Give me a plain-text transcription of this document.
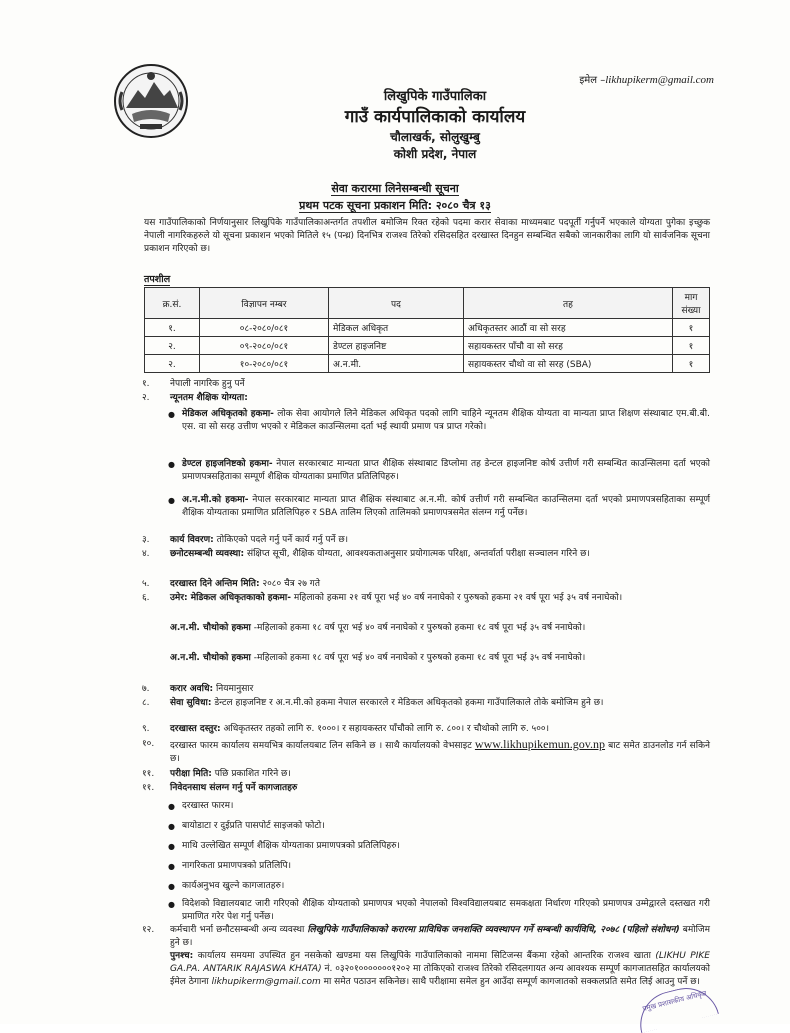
इमेल –likhupikerm@gmail.com
लिखुपिके गाउँपालिका
गाउँ कार्यपालिकाको कार्यालय
चौलाखर्क, सोलुखुम्बु
कोशी प्रदेश, नेपाल
सेवा करारमा लिनेसम्बन्धी सूचना
प्रथम पटक सूचना प्रकाशन मिति: २०८० चैत्र १३
यस गाउँपालिकाको निर्णयानुसार लिखुपिके गाउँपालिकाअन्तर्गत तपशील बमोजिम रिक्त रहेको पदमा करार सेवाका माध्यमबाट पदपूर्ती गर्नुपर्ने भएकाले योग्यता पुगेका इच्छुक नेपाली नागरिकहरुले यो सूचना प्रकाशन भएको मितिले १५ (पन्ध्र) दिनभित्र राजश्व तिरेको रसिदसहित दरखास्त दिनहुन सम्बन्धित सबैको जानकारीका लागि यो सार्वजनिक सूचना प्रकाशन गरिएको छ।
तपशील
क्र.सं.	विज्ञापन नम्बर	पद	तह	माग संख्या
१.	०८-२०८०/०८१	मेडिकल अधिकृत	अधिकृतस्तर आठौं वा सो सरह	१
२.	०९-२०८०/०८१	डेण्टल हाइजनिष्ट	सहायकस्तर पाँचौ वा सो सरह	१
२.	१०-२०८०/०८१	अ.न.मी.	सहायकस्तर चौथो वा सो सरह (SBA)	१
१.	नेपाली नागरिक हुनु पर्ने
२.	न्यूनतम शैक्षिक योग्यता:
● मेडिकल अधिकृतको हकमा- लोक सेवा आयोगले लिने मेडिकल अधिकृत पदको लागि चाहिने न्यूनतम शैक्षिक योग्यता वा मान्यता प्राप्त शिक्षण संस्थाबाट एम.बी.बी. एस. वा सो सरह उत्तीण भएको र मेडिकल काउन्सिलमा दर्ता भई स्थायी प्रमाण पत्र प्राप्त गरेको।
● डेण्टल हाइजनिष्टको हकमा- नेपाल सरकारबाट मान्यता प्राप्त शैक्षिक संस्थाबाट डिप्लोमा तह डेन्टल हाइजनिष्ट कोर्ष उत्तीर्ण गरी सम्बन्धित काउन्सिलमा दर्ता भएको प्रमाणपत्रसहिताका सम्पूर्ण शैक्षिक योग्यताका प्रमाणित प्रतिलिपिहरु।
● अ.न.मी.को हकमा- नेपाल सरकारबाट मान्यता प्राप्त शैक्षिक संस्थाबाट अ.न.मी. कोर्ष उत्तीर्ण गरी सम्बन्धित काउन्सिलमा दर्ता भएको प्रमाणपत्रसहिताका सम्पूर्ण शैक्षिक योग्यताका प्रमाणित प्रतिलिपिहरु र SBA तालिम लिएको तालिमको प्रमाणपत्रसमेत संलग्न गर्नु पर्नेछ।
३.	कार्य विवरण: तोकिएको पदले गर्नु पर्ने कार्य गर्नु पर्ने छ।
४.	छनोटसम्बन्धी व्यवस्था: संक्षिप्त सूची, शैक्षिक योग्यता, आवश्यकताअनुसार प्रयोगात्मक परिक्षा, अन्तर्वार्ता परीक्षा सञ्चालन गरिने छ।
५.	दरखास्त दिने अन्तिम मिति: २०८० चैत्र २७ गते
६.	उमेर: मेडिकल अधिकृतकाको हकमा- महिलाको हकमा २१ वर्ष पूरा भई ४० वर्ष ननाघेको र पुरुषको हकमा २१ वर्ष पूरा भई ३५ वर्ष ननाघेको।
अ.न.मी. चौथोको हकमा -महिलाको हकमा १८ वर्ष पूरा भई ४० वर्ष ननाघेको र पुरुषको हकमा १८ वर्ष पूरा भई ३५ वर्ष ननाघेको।
अ.न.मी. चौथोको हकमा -महिलाको हकमा १८ वर्ष पूरा भई ४० वर्ष ननाघेको र पुरुषको हकमा १८ वर्ष पूरा भई ३५ वर्ष ननाघेको।
७.	करार अवधि: नियमानुसार
८.	सेवा सुविधा: डेन्टल हाइजनिष्ट र अ.न.मी.को हकमा नेपाल सरकारले र मेडिकल अधिकृतको हकमा गाउँपालिकाले तोके बमोजिम हुने छ।
९.	दरखास्त दस्तुर: अधिकृतस्तर तहको लागि रु. १०००। र सहायकस्तर पाँचौको लागि रु. ८००। र चौथोको लागि रु. ५००।
१०.	दरखास्त फारम कार्यालय समयभित्र कार्यालयबाट लिन सकिने छ । साथै कार्यालयको वेभसाइट www.likhupikemun.gov.np बाट समेत डाउनलोड गर्न सकिने छ।
११.	परीक्षा मिति: पछि प्रकाशित गरिने छ।
११.	निवेदनसाथ संलग्न गर्नु पर्ने कागजातहरु
● दरखास्त फारम।
● बायोडाटा र दुईप्रति पासपोर्ट साइजको फोटो।
● माथि उल्लेखित सम्पूर्ण शैक्षिक योग्यताका प्रमाणपत्रको प्रतिलिपिहरु।
● नागरिकता प्रमाणपत्रको प्रतिलिपि।
● कार्यअनुभव खुल्ने कागजातहरु।
● विदेशको विद्यालयबाट जारी गरिएको शैक्षिक योग्यताको प्रमाणपत्र भएको नेपालको विश्वविद्यालयबाट समकक्षता निर्धारण गरिएको प्रमाणपत्र उम्मेद्वारले दस्तखत गरी प्रमाणित गरेर पेश गर्नु पर्नेछ।
१२.	कर्मचारी भर्ना छनौटसम्बन्धी अन्य व्यवस्था लिखुपिके गाउँपालिकाको करारमा प्राविधिक जनशक्ति व्यवस्थापन गर्ने सम्बन्धी कार्यविधि, २०७८ (पहिलो संशोधन) बमोजिम हुने छ।
पुनश्च: कार्यालय समयमा उपस्थित हुन नसकेको खण्डमा यस लिखुपिके गाउँपालिकाको नाममा सिटिजन्स बैंकमा रहेको आन्तरिक राजश्व खाता (LIKHU PIKE GA.PA. ANTARIK RAJASWA KHATA) नं. ०३२०१०००००००१२०२ मा तोकिएको राजश्व तिरेको रसिदलगायत अन्य आवश्यक सम्पूर्ण कागजातसहित कार्यालयको ईमेल ठेगाना likhupikerm@gmail.com मा समेत पठाउन सकिनेछ। साथै परीक्षामा समेल हुन आउँदा सम्पूर्ण कागजातको सक्कलप्रति समेत लिई आउनु पर्ने छ।
प्रमुख प्रशासकीय अधिकृत
